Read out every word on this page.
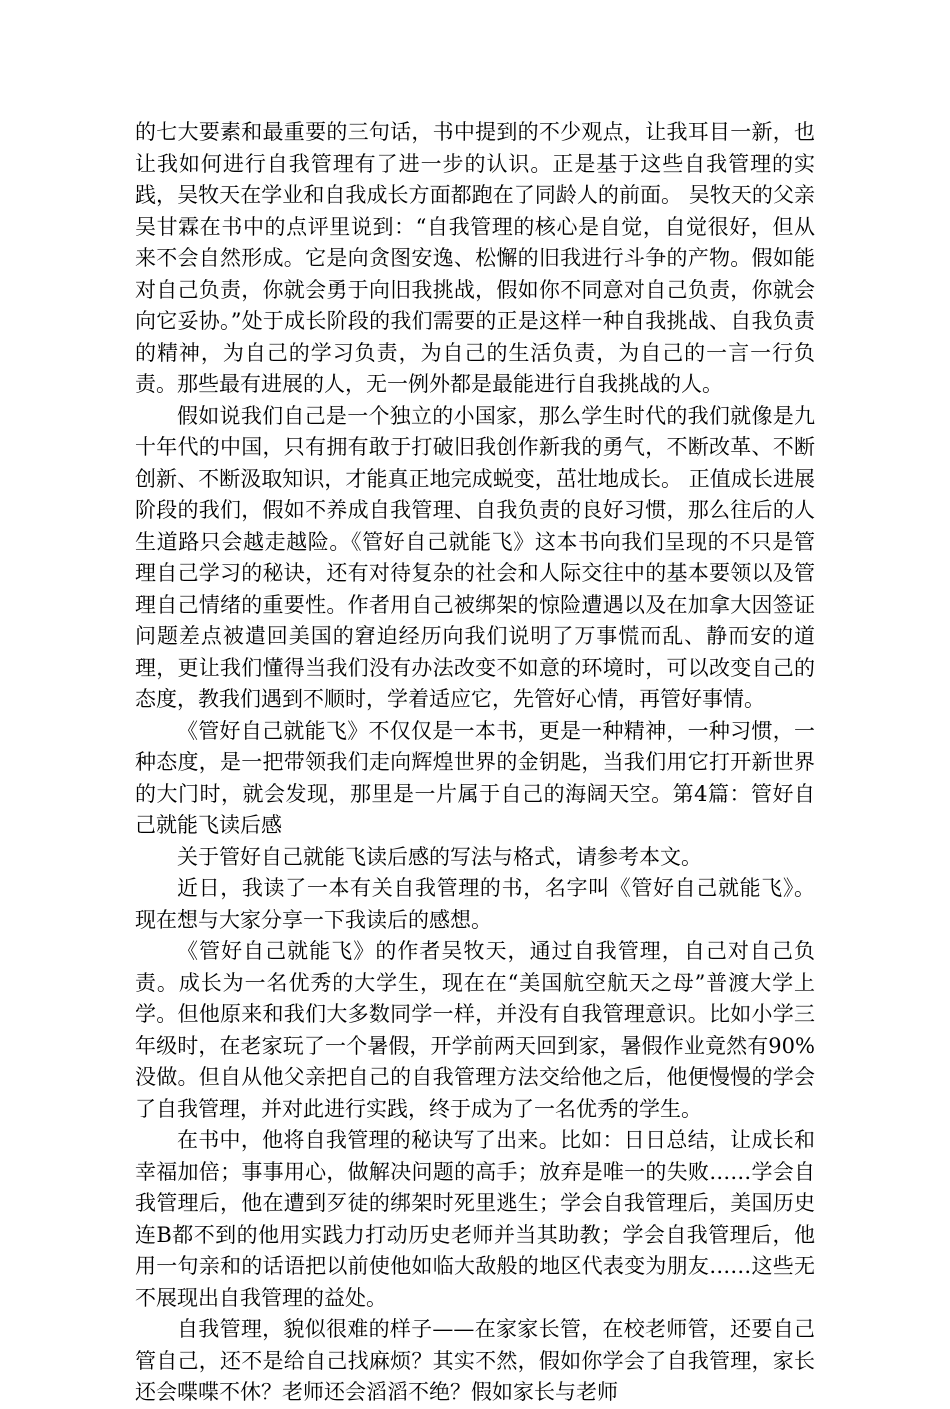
的七大要素和最重要的三句话，书中提到的不少观点，让我耳目一新，也让我如何进行自我管理有了进一步的认识。正是基于这些自我管理的实践，吴牧天在学业和自我成长方面都跑在了同龄人的前面。 吴牧天的父亲吴甘霖在书中的点评里说到：“自我管理的核心是自觉，自觉很好，但从来不会自然形成。它是向贪图安逸、松懈的旧我进行斗争的产物。假如能对自己负责，你就会勇于向旧我挑战，假如你不同意对自己负责，你就会向它妥协。”处于成长阶段的我们需要的正是这样一种自我挑战、自我负责的精神，为自己的学习负责，为自己的生活负责，为自己的一言一行负责。那些最有进展的人，无一例外都是最能进行自我挑战的人。

假如说我们自己是一个独立的小国家，那么学生时代的我们就像是九十年代的中国，只有拥有敢于打破旧我创作新我的勇气，不断改革、不断创新、不断汲取知识，才能真正地完成蜕变，茁壮地成长。 正值成长进展阶段的我们，假如不养成自我管理、自我负责的良好习惯，那么往后的人生道路只会越走越险。《管好自己就能飞》这本书向我们呈现的不只是管理自己学习的秘诀，还有对待复杂的社会和人际交往中的基本要领以及管理自己情绪的重要性。作者用自己被绑架的惊险遭遇以及在加拿大因签证问题差点被遣回美国的窘迫经历向我们说明了万事慌而乱、静而安的道理，更让我们懂得当我们没有办法改变不如意的环境时，可以改变自己的态度，教我们遇到不顺时，学着适应它，先管好心情，再管好事情。

《管好自己就能飞》不仅仅是一本书，更是一种精神，一种习惯，一种态度，是一把带领我们走向辉煌世界的金钥匙，当我们用它打开新世界的大门时，就会发现，那里是一片属于自己的海阔天空。第4篇：管好自己就能飞读后感

关于管好自己就能飞读后感的写法与格式，请参考本文。

近日，我读了一本有关自我管理的书，名字叫《管好自己就能飞》。现在想与大家分享一下我读后的感想。

《管好自己就能飞》的作者吴牧天，通过自我管理，自己对自己负责。成长为一名优秀的大学生，现在在“美国航空航天之母”普渡大学上学。但他原来和我们大多数同学一样，并没有自我管理意识。比如小学三年级时，在老家玩了一个暑假，开学前两天回到家，暑假作业竟然有90%没做。但自从他父亲把自己的自我管理方法交给他之后，他便慢慢的学会了自我管理，并对此进行实践，终于成为了一名优秀的学生。

在书中，他将自我管理的秘诀写了出来。比如：日日总结，让成长和幸福加倍；事事用心，做解决问题的高手；放弃是唯一的失败……学会自我管理后，他在遭到歹徒的绑架时死里逃生；学会自我管理后，美国历史连B都不到的他用实践力打动历史老师并当其助教；学会自我管理后，他用一句亲和的话语把以前使他如临大敌般的地区代表变为朋友……这些无不展现出自我管理的益处。

自我管理，貌似很难的样子——在家家长管，在校老师管，还要自己管自己，还不是给自己找麻烦？其实不然，假如你学会了自我管理，家长还会喋喋不休？老师还会滔滔不绝？假如家长与老师
